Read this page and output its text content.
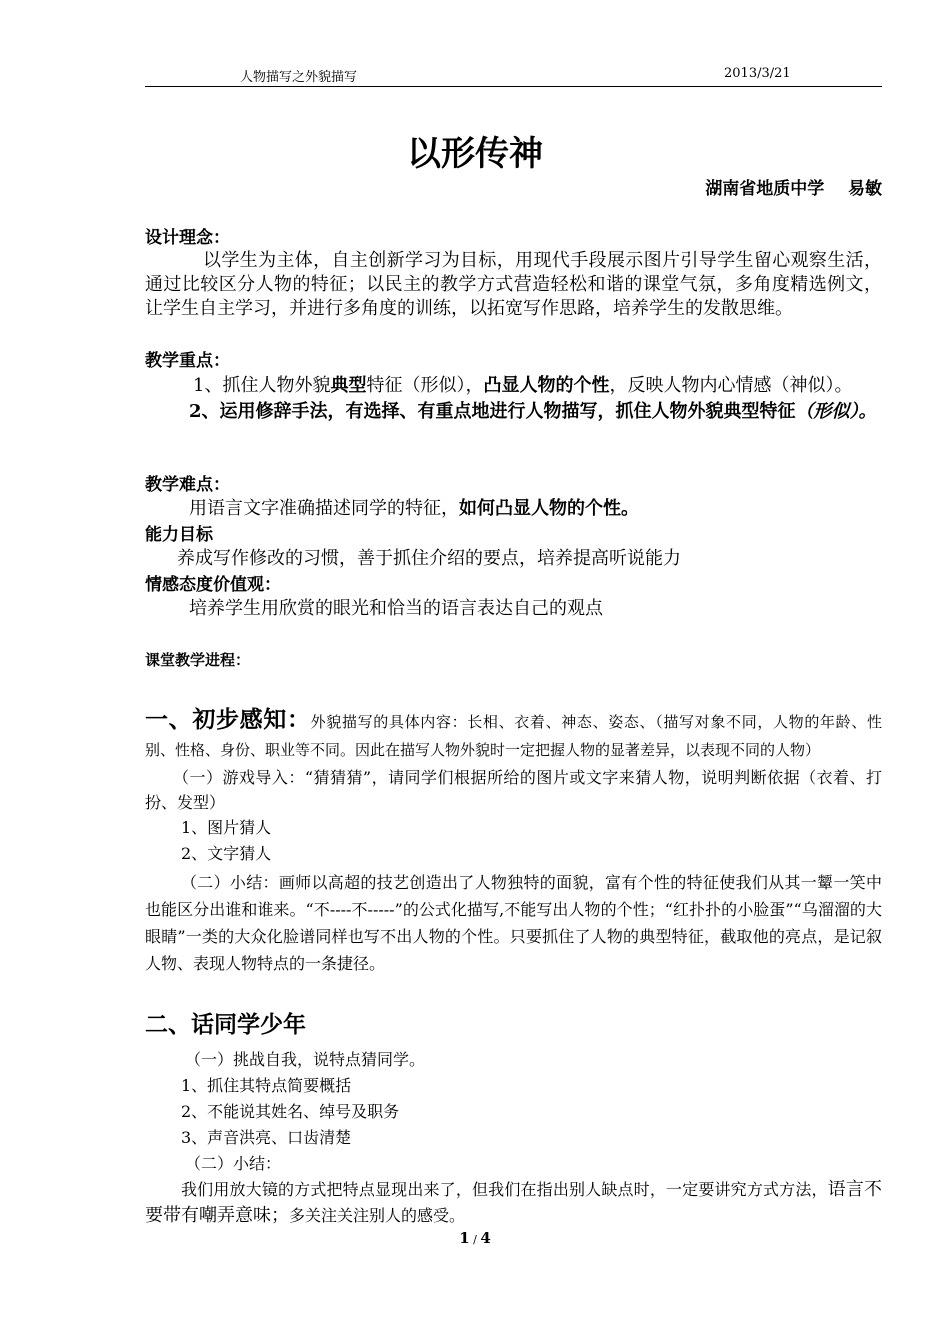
人物描写之外貌描写	2013/3/21
以形传神
湖南省地质中学    易敏
设计理念：
以学生为主体，自主创新学习为目标，用现代手段展示图片引导学生留心观察生活，通过比较区分人物的特征；以民主的教学方式营造轻松和谐的课堂气氛，多角度精选例文，让学生自主学习，并进行多角度的训练，以拓宽写作思路，培养学生的发散思维。
教学重点：
1、抓住人物外貌典型特征（形似），凸显人物的个性，反映人物内心情感（神似）。
2、运用修辞手法，有选择、有重点地进行人物描写，抓住人物外貌典型特征（形似）。
教学难点：
用语言文字准确描述同学的特征，如何凸显人物的个性。
能力目标
养成写作修改的习惯，善于抓住介绍的要点，培养提高听说能力
情感态度价值观：
培养学生用欣赏的眼光和恰当的语言表达自己的观点
课堂教学进程：
一、初步感知：外貌描写的具体内容：长相、衣着、神态、姿态、（描写对象不同，人物的年龄、性别、性格、身份、职业等不同。因此在描写人物外貌时一定把握人物的显著差异，以表现不同的人物）
（一）游戏导入：“猜猜猜”，请同学们根据所给的图片或文字来猜人物，说明判断依据（衣着、打扮、发型）
1、图片猜人
2、文字猜人
（二）小结：画师以高超的技艺创造出了人物独特的面貌，富有个性的特征使我们从其一颦一笑中也能区分出谁和谁来。“不----不-----”的公式化描写,不能写出人物的个性；“红扑扑的小脸蛋”“乌溜溜的大眼睛”一类的大众化脸谱同样也写不出人物的个性。只要抓住了人物的典型特征，截取他的亮点，是记叙人物、表现人物特点的一条捷径。
二、话同学少年
（一）挑战自我，说特点猜同学。
1、抓住其特点简要概括
2、不能说其姓名、绰号及职务
3、声音洪亮、口齿清楚
（二）小结：
我们用放大镜的方式把特点显现出来了，但我们在指出别人缺点时，一定要讲究方式方法，语言不要带有嘲弄意味；多关注关注别人的感受。
1 / 4
